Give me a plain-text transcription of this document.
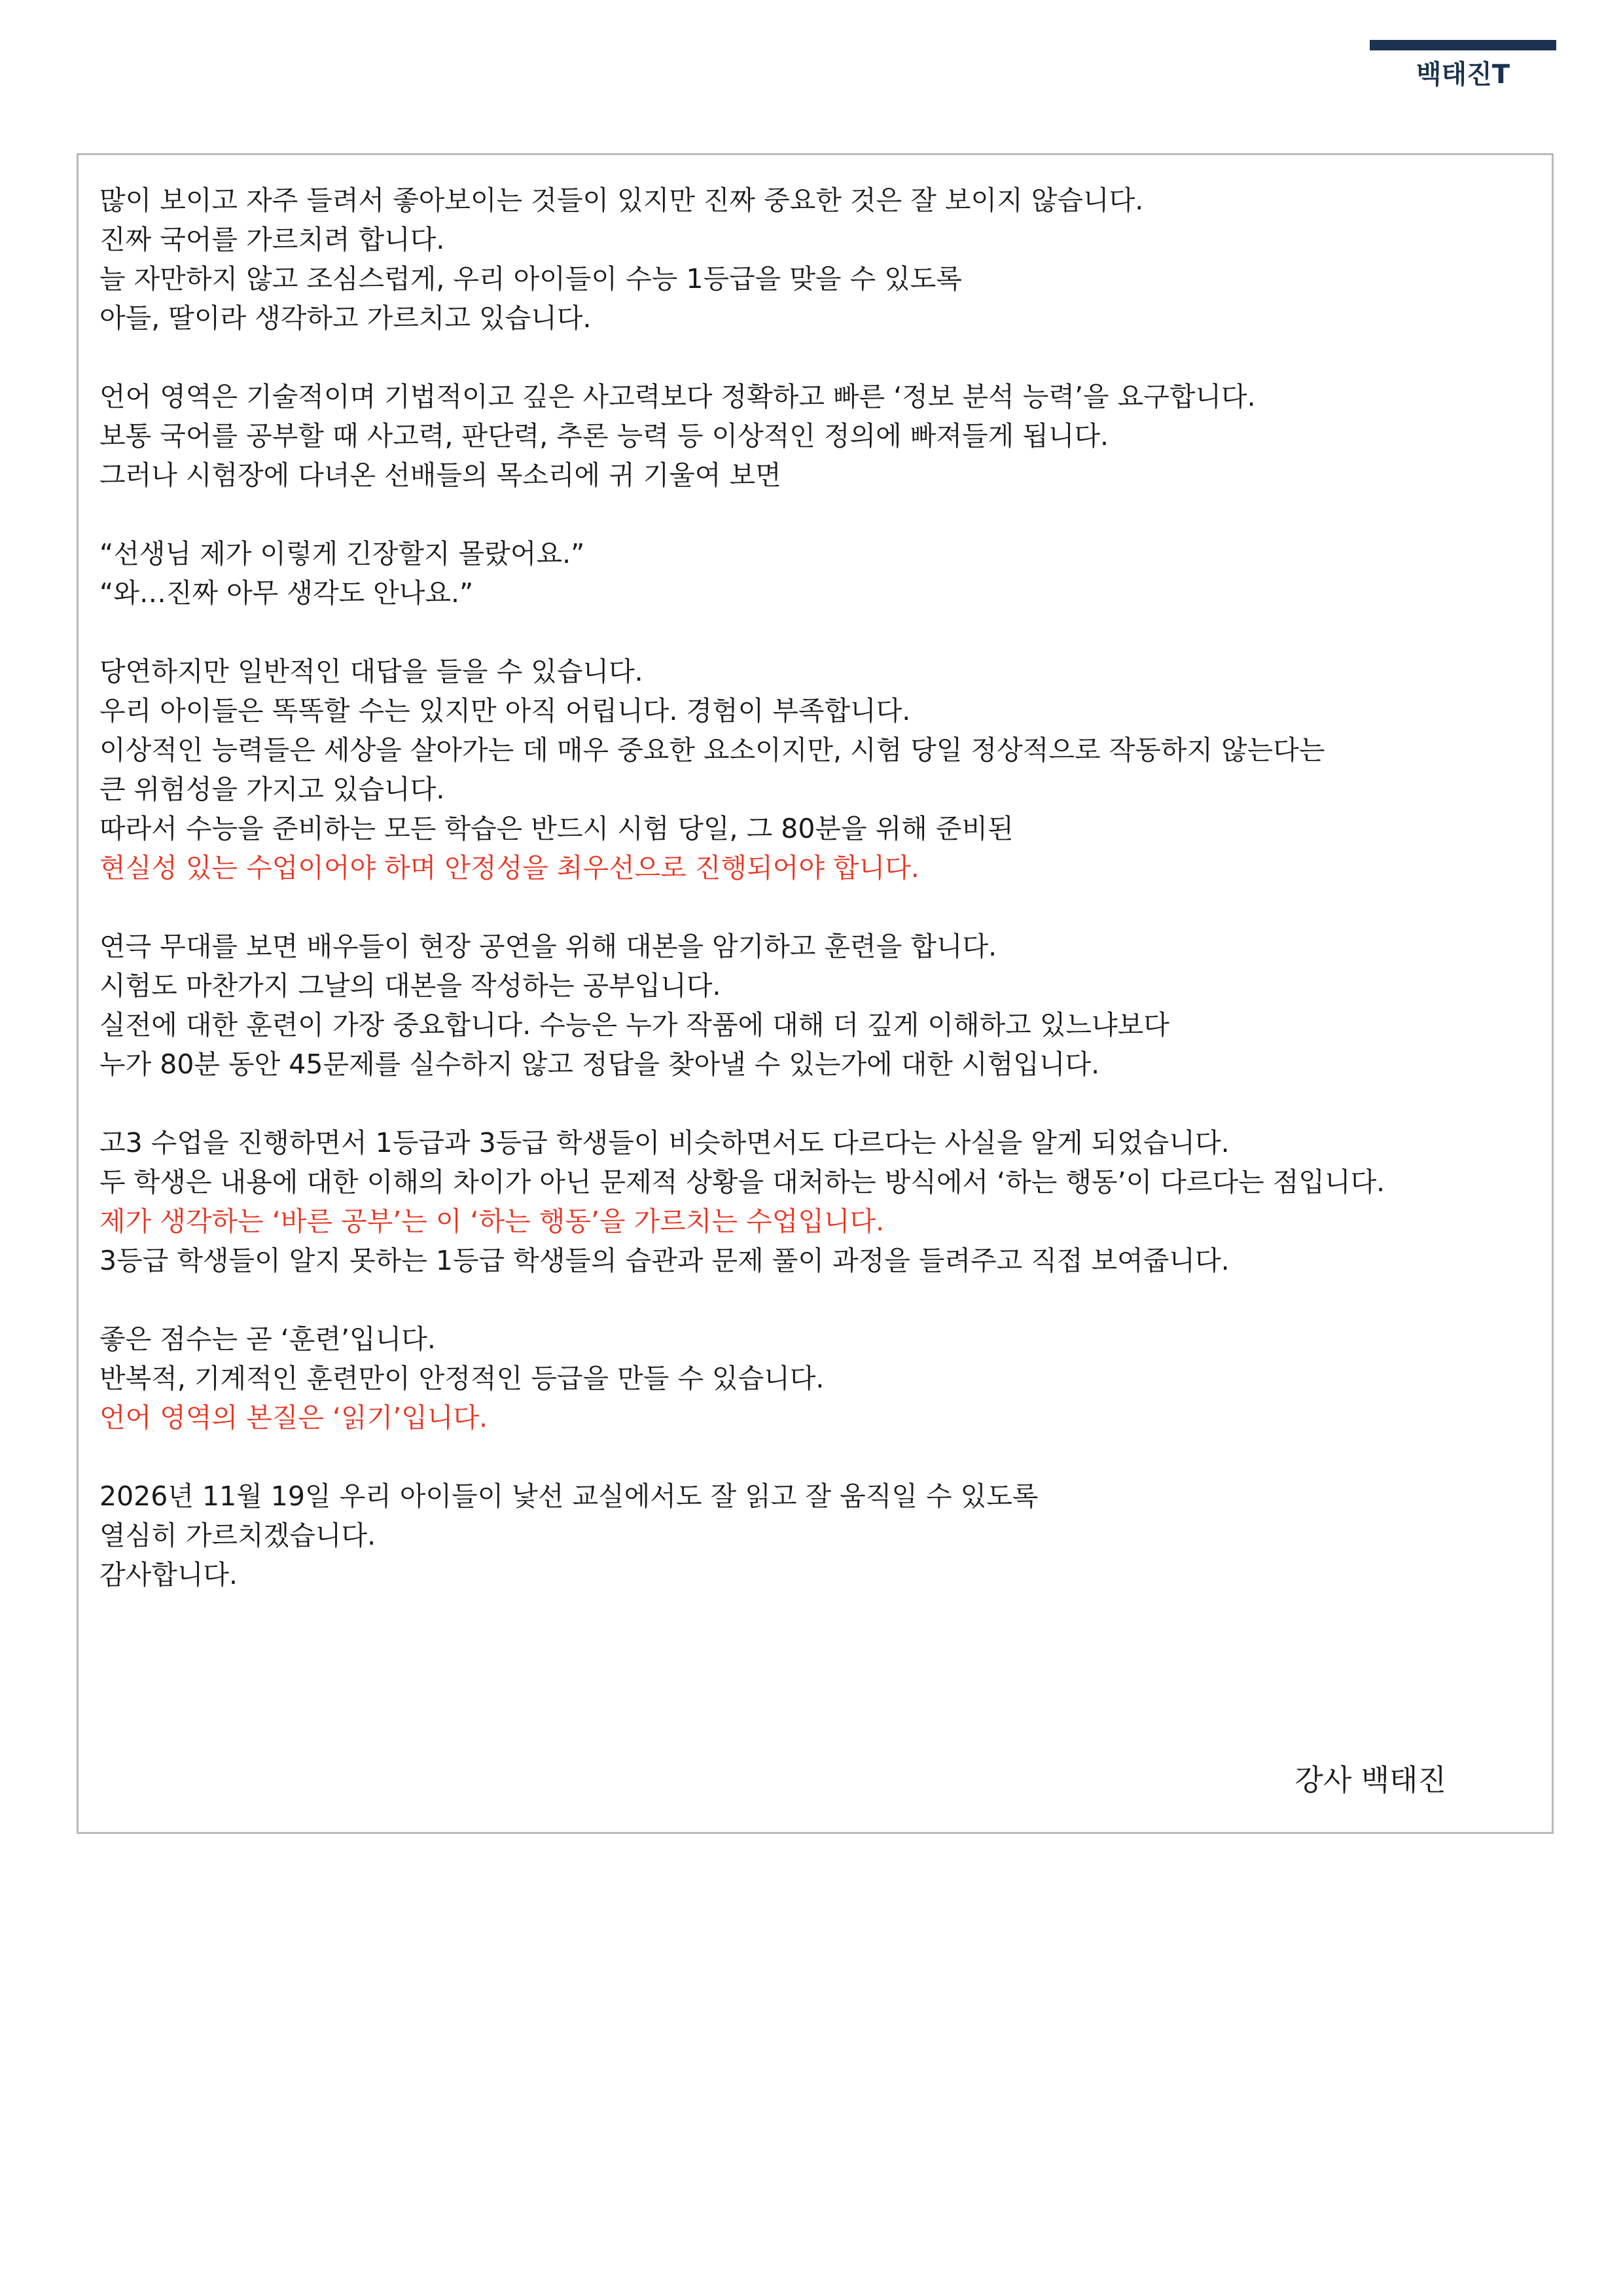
백태진T
많이 보이고 자주 들려서 좋아보이는 것들이 있지만 진짜 중요한 것은 잘 보이지 않습니다.
진짜 국어를 가르치려 합니다.
늘 자만하지 않고 조심스럽게, 우리 아이들이 수능 1등급을 맞을 수 있도록
아들, 딸이라 생각하고 가르치고 있습니다.
언어 영역은 기술적이며 기법적이고 깊은 사고력보다 정확하고 빠른 ‘정보 분석 능력’을 요구합니다.
보통 국어를 공부할 때 사고력, 판단력, 추론 능력 등 이상적인 정의에 빠져들게 됩니다.
그러나 시험장에 다녀온 선배들의 목소리에 귀 기울여 보면
“선생님 제가 이렇게 긴장할지 몰랐어요.”
“와…진짜 아무 생각도 안나요.”
당연하지만 일반적인 대답을 들을 수 있습니다.
우리 아이들은 똑똑할 수는 있지만 아직 어립니다. 경험이 부족합니다.
이상적인 능력들은 세상을 살아가는 데 매우 중요한 요소이지만, 시험 당일 정상적으로 작동하지 않는다는
큰 위험성을 가지고 있습니다.
따라서 수능을 준비하는 모든 학습은 반드시 시험 당일, 그 80분을 위해 준비된
현실성 있는 수업이어야 하며 안정성을 최우선으로 진행되어야 합니다.
연극 무대를 보면 배우들이 현장 공연을 위해 대본을 암기하고 훈련을 합니다.
시험도 마찬가지 그날의 대본을 작성하는 공부입니다.
실전에 대한 훈련이 가장 중요합니다. 수능은 누가 작품에 대해 더 깊게 이해하고 있느냐보다
누가 80분 동안 45문제를 실수하지 않고 정답을 찾아낼 수 있는가에 대한 시험입니다.
고3 수업을 진행하면서 1등급과 3등급 학생들이 비슷하면서도 다르다는 사실을 알게 되었습니다.
두 학생은 내용에 대한 이해의 차이가 아닌 문제적 상황을 대처하는 방식에서 ‘하는 행동’이 다르다는 점입니다.
제가 생각하는 ‘바른 공부’는 이 ‘하는 행동’을 가르치는 수업입니다.
3등급 학생들이 알지 못하는 1등급 학생들의 습관과 문제 풀이 과정을 들려주고 직접 보여줍니다.
좋은 점수는 곧 ‘훈련’입니다.
반복적, 기계적인 훈련만이 안정적인 등급을 만들 수 있습니다.
언어 영역의 본질은 ‘읽기’입니다.
2026년 11월 19일 우리 아이들이 낯선 교실에서도 잘 읽고 잘 움직일 수 있도록
열심히 가르치겠습니다.
감사합니다.
강사 백태진
